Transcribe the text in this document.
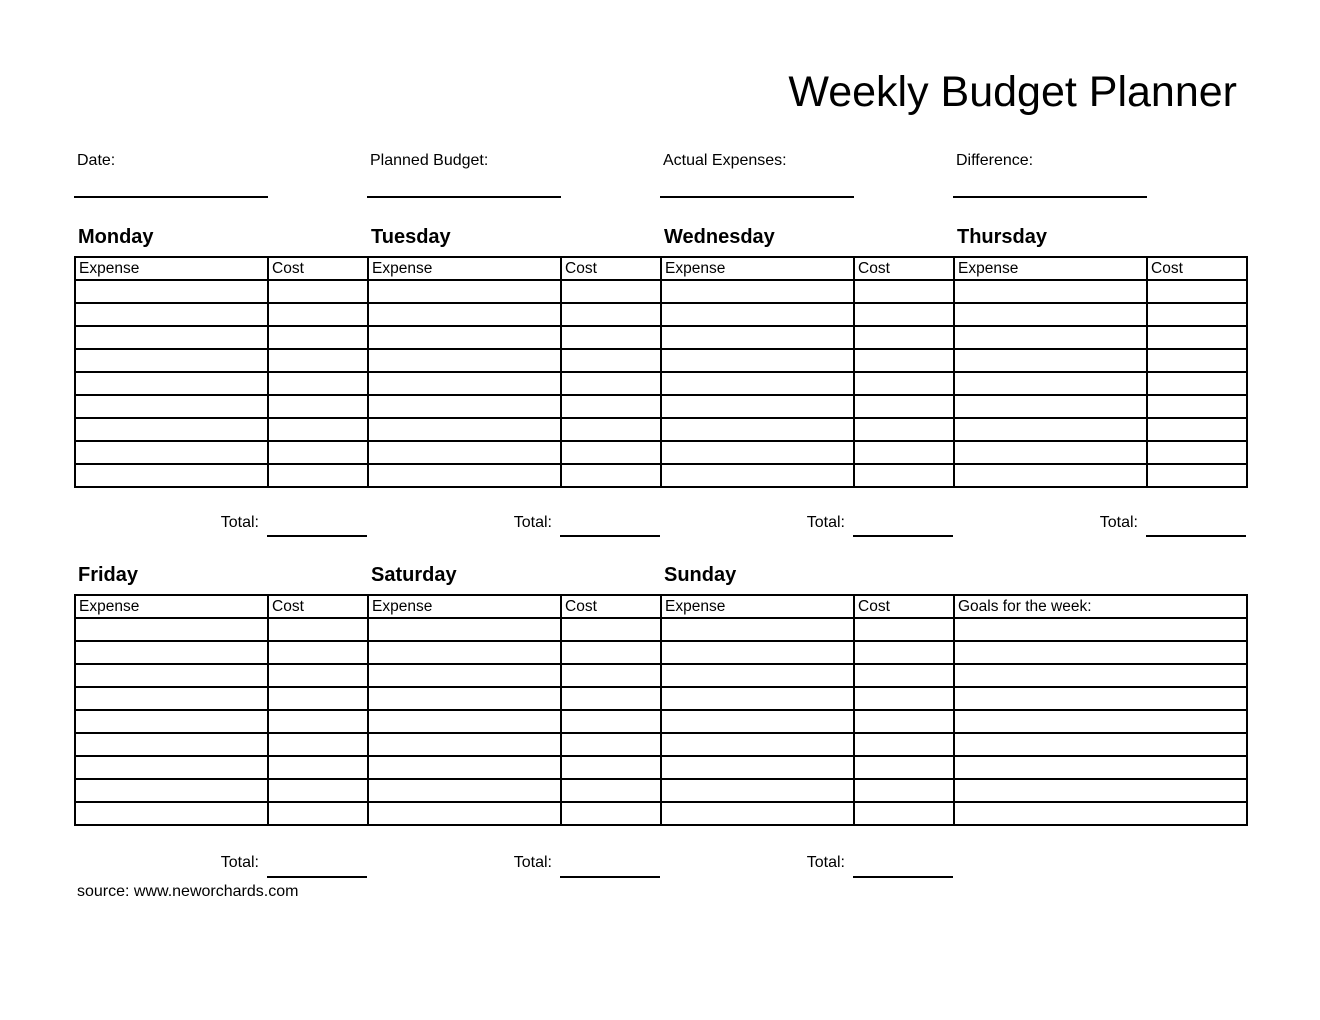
Weekly Budget Planner
Date:	Planned Budget:	Actual Expenses:	Difference:
Monday
Expense	Cost

Total:
Tuesday
Expense	Cost

Total:
Wednesday
Expense	Cost

Total:
Thursday
Expense	Cost

Total:
Friday
Expense	Cost

Total:
Saturday
Expense	Cost

Total:
Sunday
Expense	Cost

Total:
Goals for the week:

source: www.neworchards.com
